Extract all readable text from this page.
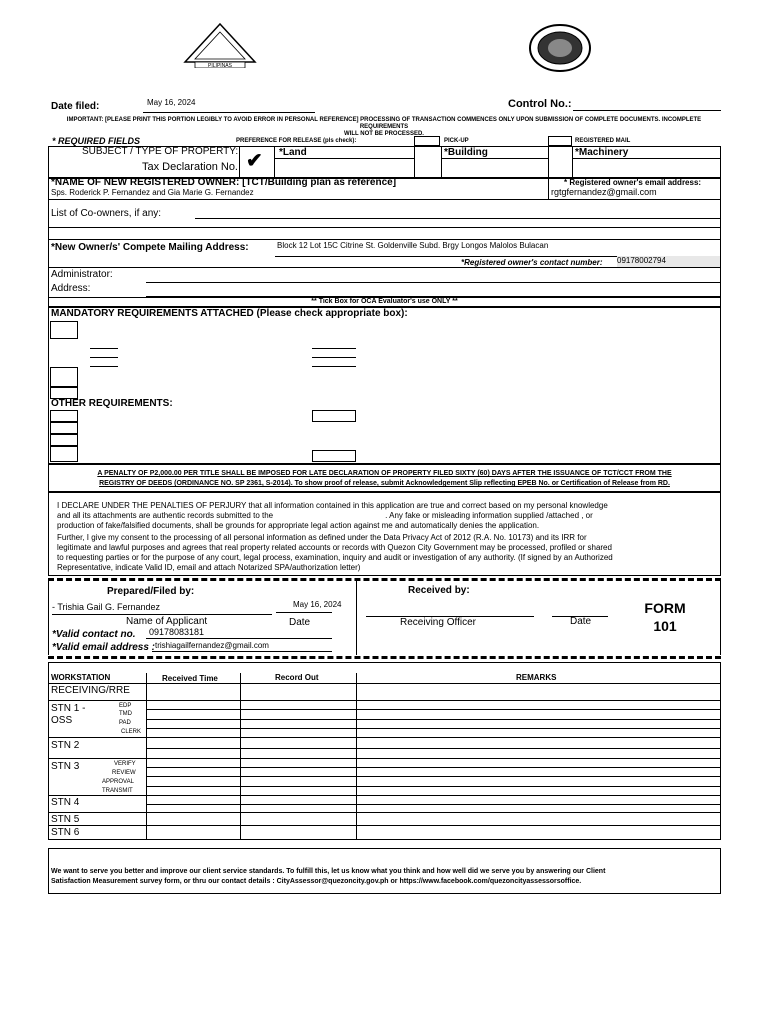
PILIPINAS
Date filed:	May 16, 2024	Control No.:
IMPORTANT: [PLEASE PRINT THIS PORTION LEGIBLY TO AVOID ERROR IN PERSONAL REFERENCE] PROCESSING OF TRANSACTION COMMENCES ONLY UPON SUBMISSION OF COMPLETE DOCUMENTS. INCOMPLETE REQUIREMENTS
WILL NOT BE PROCESSED.
* REQUIRED FIELDS	PREFERENCE FOR RELEASE (pls check):	PICK-UP	REGISTERED MAIL
SUBJECT / TYPE OF PROPERTY:
Tax Declaration No. ✔ *Land	*Building	*Machinery
*NAME OF NEW REGISTERED OWNER: [TCT/Building plan as reference]
Sps. Roderick P. Fernandez and Gia Marie G. Fernandez
* Registered owner's email address:
rgtgfernandez@gmail.com
List of Co-owners, if any:
*New Owner/s' Compete Mailing Address:	Block 12 Lot 15C Citrine St. Goldenville Subd. Brgy Longos Malolos Bulacan
*Registered owner's contact number: 09178002794
Administrator:
Address:
** Tick Box for OCA Evaluator's use ONLY **
MANDATORY REQUIREMENTS ATTACHED (Please check appropriate box):
OTHER REQUIREMENTS:
A PENALTY OF P2,000.00 PER TITLE SHALL BE IMPOSED FOR LATE DECLARATION OF PROPERTY FILED SIXTY (60) DAYS AFTER THE ISSUANCE OF TCT/CCT FROM THE
REGISTRY OF DEEDS (ORDINANCE NO. SP 2361, S-2014). To show proof of release, submit Acknowledgement Slip reflecting EPEB No. or Certification of Release from RD.
I DECLARE UNDER THE PENALTIES OF PERJURY that all information contained in this application are true and correct based on my personal knowledge
and all its attachments are authentic records submitted to the	. Any fake or misleading information supplied /attached , or
production of fake/falsified documents, shall be grounds for appropriate legal action against me and automatically denies the application.
Further, I give my consent to the processing of all personal information as defined under the Data Privacy Act of 2012 (R.A. No. 10173) and its IRR for
legitimate and lawful purposes and agrees that real property related accounts or records with Quezon City Government may be processed, profiled or shared
to requesting parties or for the purpose of any court, legal process, examination, inquiry and audit or investigation of any authority. (If signed by an Authorized
Representative, indicate Valid ID, email and attach Notarized SPA/authorization letter)
Prepared/Filed by:
- Trishia Gail G. Fernandez	May 16, 2024
Name of Applicant	Date
*Valid contact no. 09178083181
*Valid email address : trishiagailfernandez@gmail.com
Received by:
Receiving Officer	Date
FORM
101
WORKSTATION	Received Time	Record Out	REMARKS
RECEIVING/RRE
STN 1 -
OSS
EDP
TMD
PAD
CLERK
STN 2
STN 3	VERIFY
REVIEW
APPROVAL
TRANSMIT
STN 4
STN 5
STN 6
We want to serve you better and improve our client service standards. To fulfill this, let us know what you think and how well did we serve you by answering our Client
Satisfaction Measurement survey form, or thru our contact details : CityAssessor@quezoncity.gov.ph or https://www.facebook.com/quezoncityassessorsoffice.
